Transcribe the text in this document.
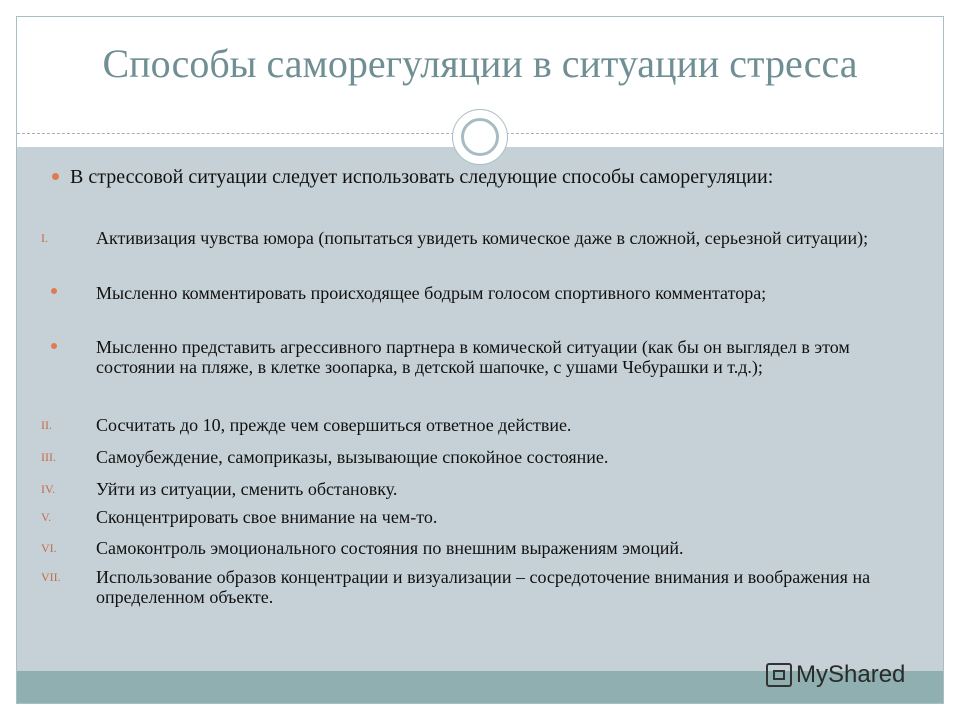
Способы саморегуляции в ситуации стресса
В стрессовой ситуации следует использовать следующие способы саморегуляции:
I.	Активизация чувства юмора (попытаться увидеть комическое даже в сложной, серьезной ситуации);
Мысленно комментировать происходящее бодрым голосом спортивного комментатора;
Мысленно представить агрессивного партнера в комической ситуации (как бы он выглядел в этом состоянии на пляже, в клетке зоопарка, в детской шапочке, с ушами Чебурашки и т.д.);
II. Сосчитать до 10, прежде чем совершиться ответное действие.
III. Самоубеждение, самоприказы, вызывающие спокойное состояние.
IV. Уйти из ситуации, сменить обстановку.
V. Сконцентрировать свое внимание на чем-то.
VI. Самоконтроль эмоционального состояния по внешним выражениям эмоций.
VII. Использование образов концентрации и визуализации – сосредоточение внимания и воображения на определенном объекте.
MyShared
